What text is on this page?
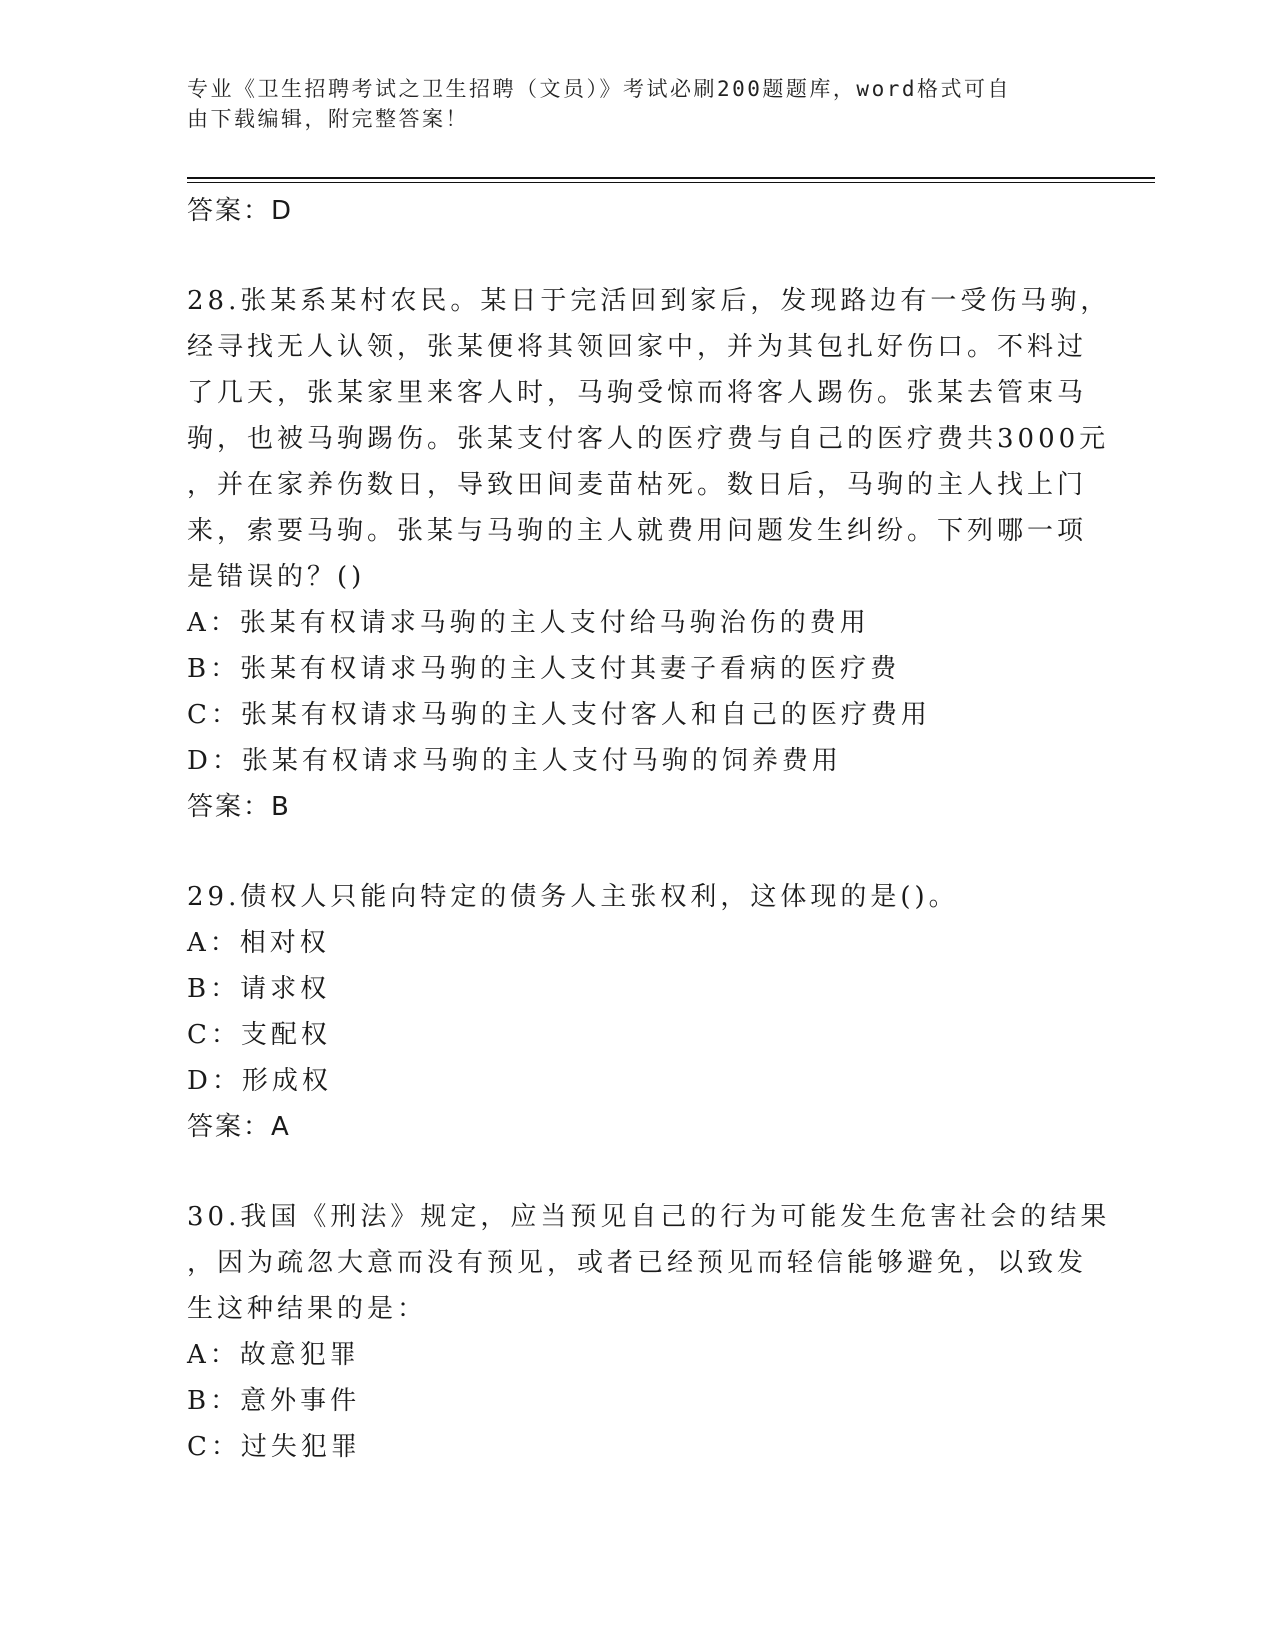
专业《卫生招聘考试之卫生招聘（文员）》考试必刷200题题库，word格式可自
由下载编辑，附完整答案！
答案：D
28.张某系某村农民。某日于完活回到家后，发现路边有一受伤马驹，
经寻找无人认领，张某便将其领回家中，并为其包扎好伤口。不料过
了几天，张某家里来客人时，马驹受惊而将客人踢伤。张某去管束马
驹，也被马驹踢伤。张某支付客人的医疗费与自己的医疗费共3000元
，并在家养伤数日，导致田间麦苗枯死。数日后，马驹的主人找上门
来，索要马驹。张某与马驹的主人就费用问题发生纠纷。下列哪一项
是错误的？()
A：张某有权请求马驹的主人支付给马驹治伤的费用
B：张某有权请求马驹的主人支付其妻子看病的医疗费
C：张某有权请求马驹的主人支付客人和自己的医疗费用
D：张某有权请求马驹的主人支付马驹的饲养费用
答案：B
29.债权人只能向特定的债务人主张权利，这体现的是()。
A：相对权
B：请求权
C：支配权
D：形成权
答案：A
30.我国《刑法》规定，应当预见自己的行为可能发生危害社会的结果
，因为疏忽大意而没有预见，或者已经预见而轻信能够避免，以致发
生这种结果的是：
A：故意犯罪
B：意外事件
C：过失犯罪
